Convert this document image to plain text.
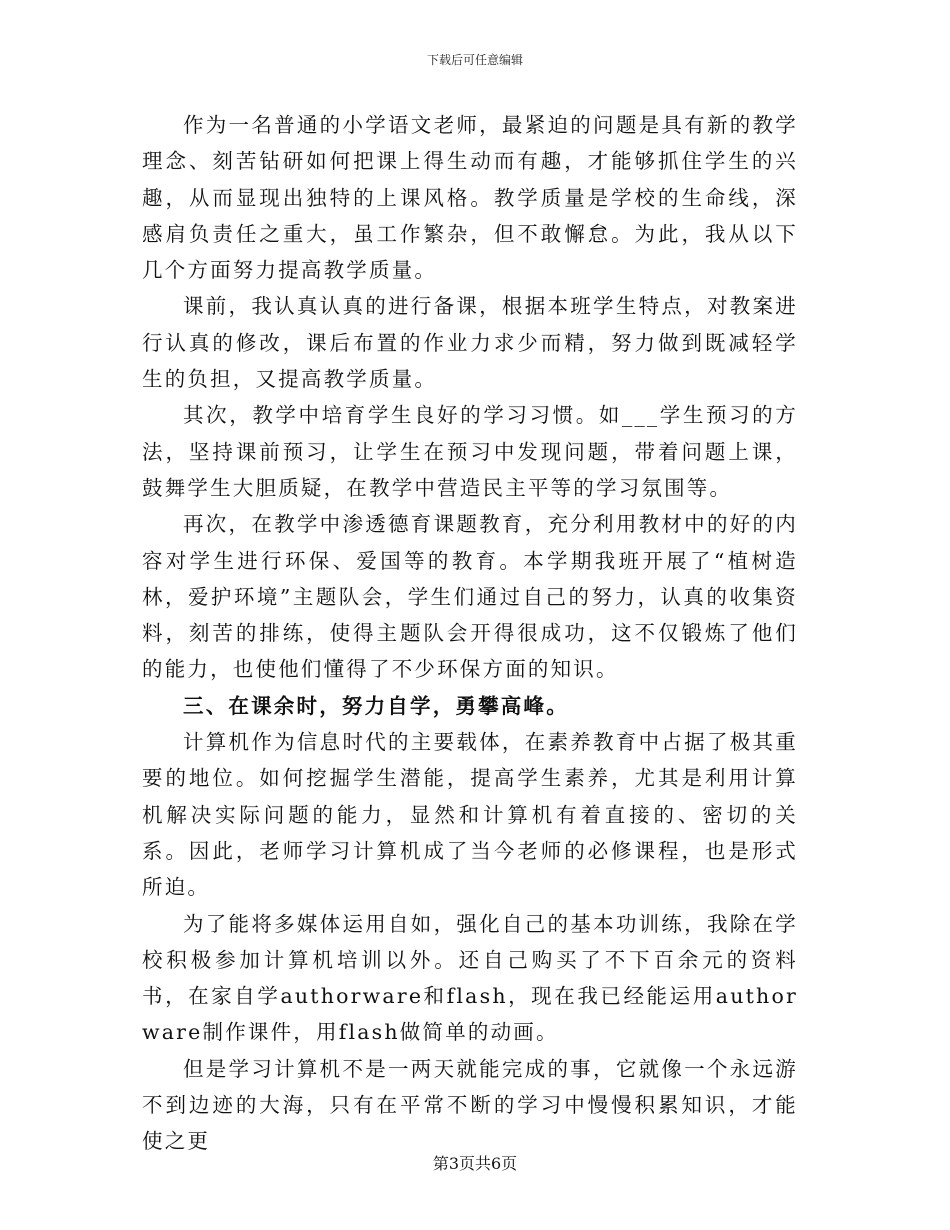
下载后可任意编辑

作为一名普通的小学语文老师，最紧迫的问题是具有新的教学理念、刻苦钻研如何把课上得生动而有趣，才能够抓住学生的兴趣，从而显现出独特的上课风格。教学质量是学校的生命线，深感肩负责任之重大，虽工作繁杂，但不敢懈怠。为此，我从以下几个方面努力提高教学质量。

课前，我认真认真的进行备课，根据本班学生特点，对教案进行认真的修改，课后布置的作业力求少而精，努力做到既减轻学生的负担，又提高教学质量。

其次，教学中培育学生良好的学习习惯。如___学生预习的方法，坚持课前预习，让学生在预习中发现问题，带着问题上课，鼓舞学生大胆质疑，在教学中营造民主平等的学习氛围等。

再次，在教学中渗透德育课题教育，充分利用教材中的好的内容对学生进行环保、爱国等的教育。本学期我班开展了“植树造林，爱护环境”主题队会，学生们通过自己的努力，认真的收集资料，刻苦的排练，使得主题队会开得很成功，这不仅锻炼了他们的能力，也使他们懂得了不少环保方面的知识。

三、在课余时，努力自学，勇攀高峰。

计算机作为信息时代的主要载体，在素养教育中占据了极其重要的地位。如何挖掘学生潜能，提高学生素养，尤其是利用计算机解决实际问题的能力，显然和计算机有着直接的、密切的关系。因此，老师学习计算机成了当今老师的必修课程，也是形式所迫。

为了能将多媒体运用自如，强化自己的基本功训练，我除在学校积极参加计算机培训以外。还自己购买了不下百余元的资料书，在家自学authorware和flash，现在我已经能运用authorware制作课件，用flash做简单的动画。

但是学习计算机不是一两天就能完成的事，它就像一个永远游不到边迹的大海，只有在平常不断的学习中慢慢积累知识，才能使之更

第3页共6页
